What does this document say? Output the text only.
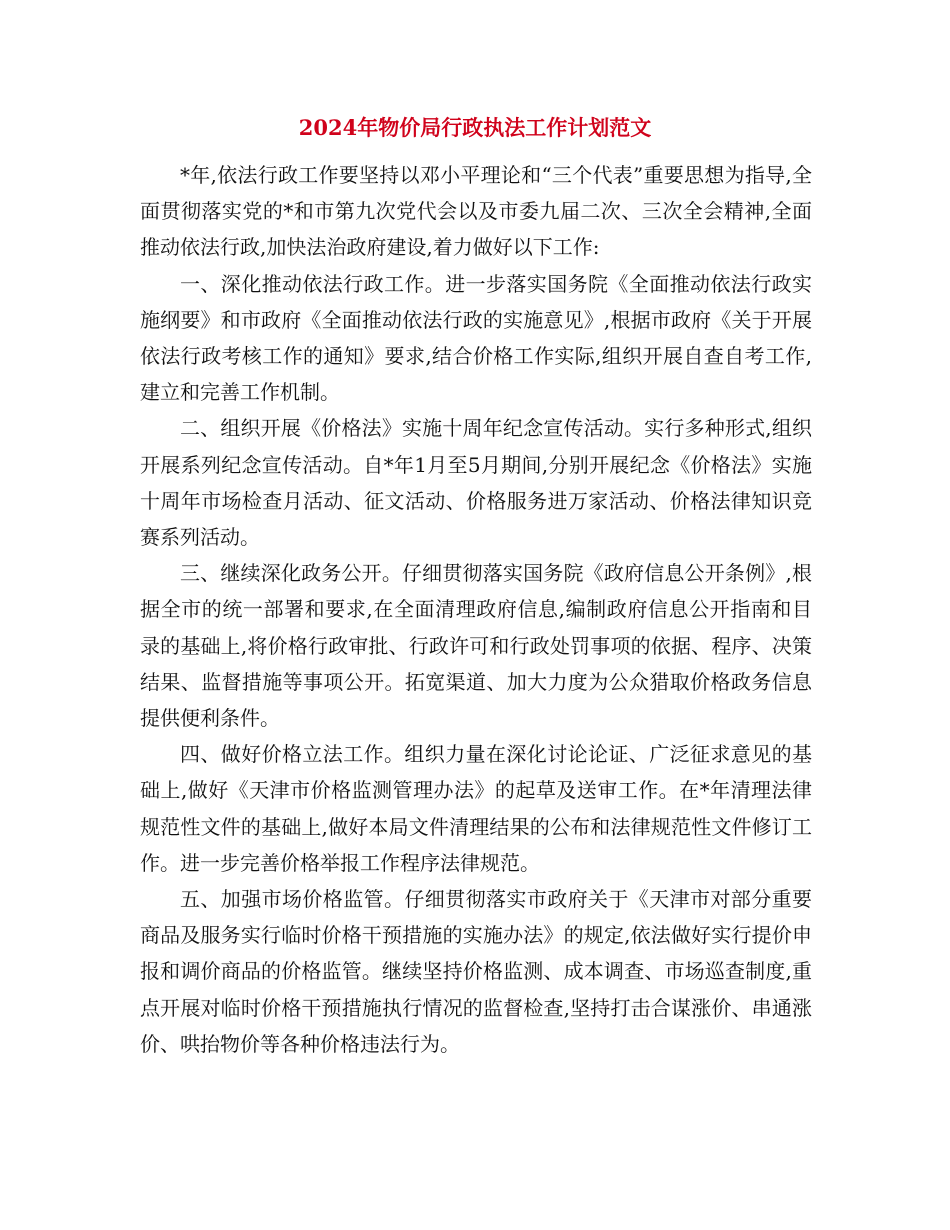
2024年物价局行政执法工作计划范文

*年,依法行政工作要坚持以邓小平理论和“三个代表”重要思想为指导,全面贯彻落实党的*和市第九次党代会以及市委九届二次、三次全会精神,全面推动依法行政,加快法治政府建设,着力做好以下工作:

一、深化推动依法行政工作。进一步落实国务院《全面推动依法行政实施纲要》和市政府《全面推动依法行政的实施意见》,根据市政府《关于开展依法行政考核工作的通知》要求,结合价格工作实际,组织开展自查自考工作,建立和完善工作机制。

二、组织开展《价格法》实施十周年纪念宣传活动。实行多种形式,组织开展系列纪念宣传活动。自*年1月至5月期间,分别开展纪念《价格法》实施十周年市场检查月活动、征文活动、价格服务进万家活动、价格法律知识竞赛系列活动。

三、继续深化政务公开。仔细贯彻落实国务院《政府信息公开条例》,根据全市的统一部署和要求,在全面清理政府信息,编制政府信息公开指南和目录的基础上,将价格行政审批、行政许可和行政处罚事项的依据、程序、决策结果、监督措施等事项公开。拓宽渠道、加大力度为公众猎取价格政务信息提供便利条件。

四、做好价格立法工作。组织力量在深化讨论论证、广泛征求意见的基础上,做好《天津市价格监测管理办法》的起草及送审工作。在*年清理法律规范性文件的基础上,做好本局文件清理结果的公布和法律规范性文件修订工作。进一步完善价格举报工作程序法律规范。

五、加强市场价格监管。仔细贯彻落实市政府关于《天津市对部分重要商品及服务实行临时价格干预措施的实施办法》的规定,依法做好实行提价申报和调价商品的价格监管。继续坚持价格监测、成本调查、市场巡查制度,重点开展对临时价格干预措施执行情况的监督检查,坚持打击合谋涨价、串通涨价、哄抬物价等各种价格违法行为。
